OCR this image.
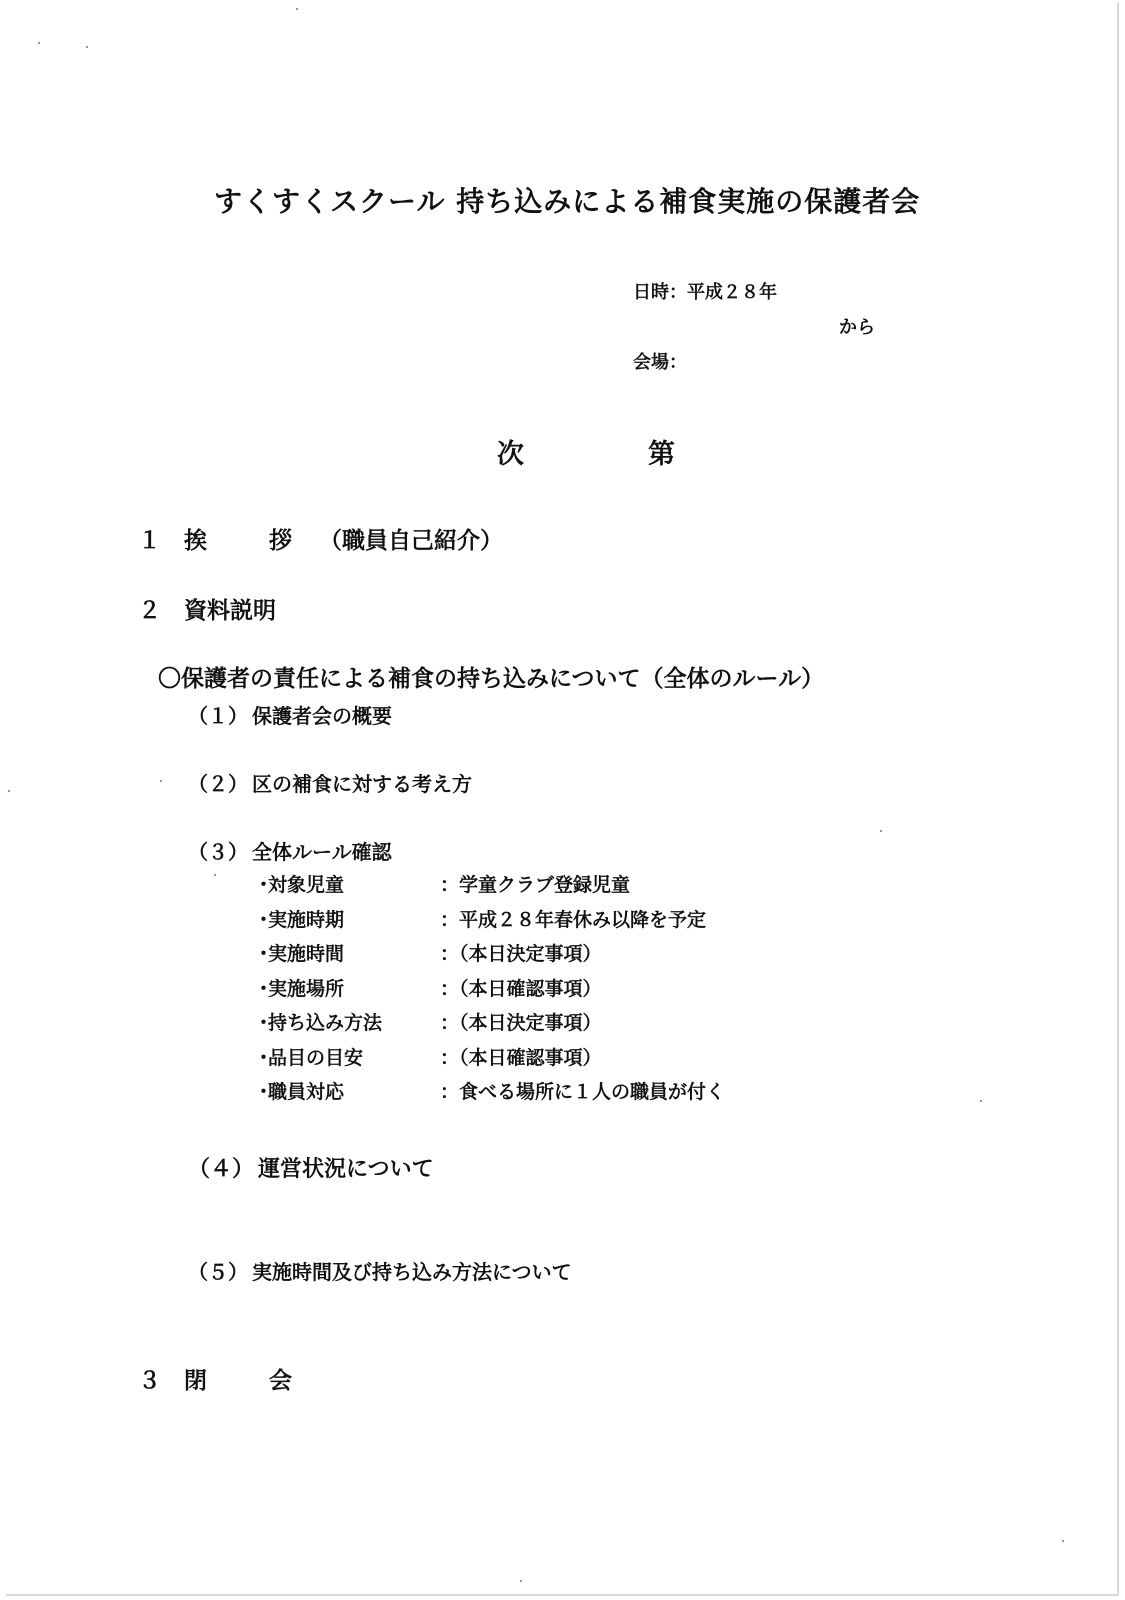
すくすくスクール 持ち込みによる補食実施の保護者会
日時：平成２８年
から
会場：
次	第
１ 挨	拶 （職員自己紹介）
２ 資料説明
〇保護者の責任による補食の持ち込みについて（全体のルール）
（１） 保護者会の概要
（２） 区の補食に対する考え方
（３） 全体ルール確認
・対象児童	：学童クラブ登録児童
・実施時期	：平成２８年春休み以降を予定
・実施時間	：（本日決定事項）
・実施場所	：（本日確認事項）
・持ち込み方法	：（本日決定事項）
・品目の目安	：（本日確認事項）
・職員対応	：食べる場所に１人の職員が付く
（４） 運営状況について
（５） 実施時間及び持ち込み方法について
３ 閉	会
